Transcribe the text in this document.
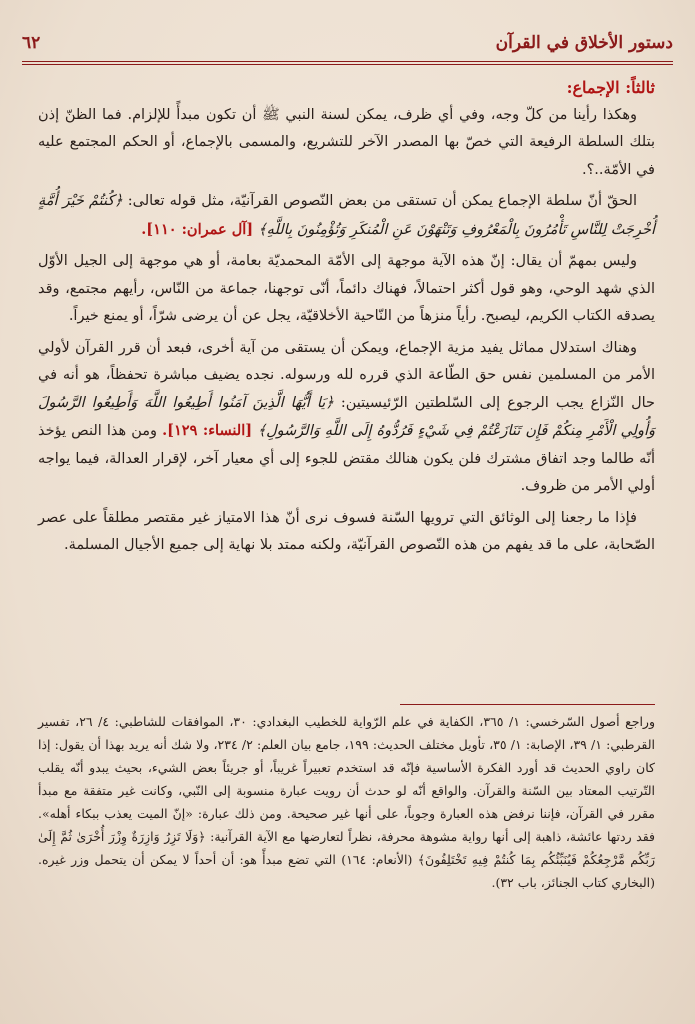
دستور الأخلاق في القرآن
٦٢

ثالثاً: الإجماع:

وهكذا رأينا من كلّ وجه، وفي أي ظرف، يمكن لسنة النبي ﷺ أن تكون مبدأً للإلزام. فما الظنّ إذن بتلك السلطة الرفيعة التي خصّ بها المصدر الآخر للتشريع، والمسمى بالإجماع، أو الحكم المجتمع عليه في الأمّة..؟.

الحقّ أنّ سلطة الإجماع يمكن أن تستقى من بعض النّصوص القرآنيّة، مثل قوله تعالى: ﴿كُنتُمْ خَيْرَ أُمَّةٍ أُخْرِجَتْ لِلنَّاسِ تَأْمُرُونَ بِالْمَعْرُوفِ وَتَنْهَوْنَ عَنِ الْمُنكَرِ وَتُؤْمِنُونَ بِاللَّهِ﴾ [آل عمران: ١١٠].

وليس بمهمّ أن يقال: إنّ هذه الآية موجهة إلى الأمّة المحمديّة بعامة، أو هي موجهة إلى الجيل الأوّل الذي شهد الوحي، وهو قول أكثر احتمالاً، فهناك دائماً، أنّى توجهنا، جماعة من النّاس، رأيهم مجتمع، وقد يصدقه الكتاب الكريم، ليصبح. رأياً منزهاً من النّاحية الأخلاقيّة، يجل عن أن يرضى شرّاً، أو يمنع خيراً.

وهناك استدلال مماثل يفيد مزية الإجماع، ويمكن أن يستقى من آية أخرى، فبعد أن قرر القرآن لأولي الأمر من المسلمين نفس حق الطّاعة الذي قرره لله ورسوله. نجده يضيف مباشرة تحفظاً، هو أنه في حال النّزاع يجب الرجوع إلى السّلطتين الرّئيسيتين: ﴿يَا أَيُّهَا الَّذِينَ آمَنُوا أَطِيعُوا اللَّهَ وَأَطِيعُوا الرَّسُولَ وَأُولِي الْأَمْرِ مِنكُمْ فَإِن تَنَازَعْتُمْ فِي شَيْءٍ فَرُدُّوهُ إِلَى اللَّهِ وَالرَّسُولِ﴾ [النساء: ١٢٩]. ومن هذا النص يؤخذ أنّه طالما وجد اتفاق مشترك فلن يكون هنالك مقتض للجوء إلى أي معيار آخر، لإقرار العدالة، فيما يواجه أولي الأمر من ظروف.

فإذا ما رجعنا إلى الوثائق التي ترويها السّنة فسوف نرى أنّ هذا الامتياز غير مقتصر مطلقاً على عصر الصّحابة، على ما قد يفهم من هذه النّصوص القرآنيّة، ولكنه ممتد بلا نهاية إلى جميع الأجيال المسلمة.

وراجع أصول السّرخسي: ١/ ٣٦٥، الكفاية في علم الرّواية للخطيب البغدادي: ٣٠، الموافقات للشاطبي: ٤/ ٢٦، تفسير القرطبي: ١/ ٣٩، الإصابة: ١/ ٣٥، تأويل مختلف الحديث: ١٩٩، جامع بيان العلم: ٢/ ٢٣٤، ولا شك أنه يريد بهذا أن يقول: إذا كان راوي الحديث قد أورد الفكرة الأساسية فإنّه قد استخدم تعبيراً غريباً، أو جريئاً بعض الشيء، بحيث يبدو أنّه يقلب التّرتيب المعتاد بين السّنة والقرآن. والواقع أنّه لو حدث أن رويت عبارة منسوبة إلى النّبي، وكانت غير متفقة مع مبدأ مقرر في القرآن، فإننا نرفض هذه العبارة وجوباً، على أنها غير صحيحة. ومن ذلك عبارة: «إنّ الميت يعذب ببكاء أهله». فقد ردتها عائشة، ذاهبة إلى أنها رواية مشوهة محرفة، نظراً لتعارضها مع الآية القرآنية: ﴿وَلَا تَزِرُ وَازِرَةٌ وِزْرَ أُخْرَىٰ ثُمَّ إِلَىٰ رَبِّكُم مَّرْجِعُكُمْ فَيُنَبِّئُكُم بِمَا كُنتُمْ فِيهِ تَخْتَلِفُونَ﴾ (الأنعام: ١٦٤) التي تضع مبدأً هو: أن أحداً لا يمكن أن يتحمل وزر غيره. (البخاري كتاب الجنائز، باب ٣٢).
